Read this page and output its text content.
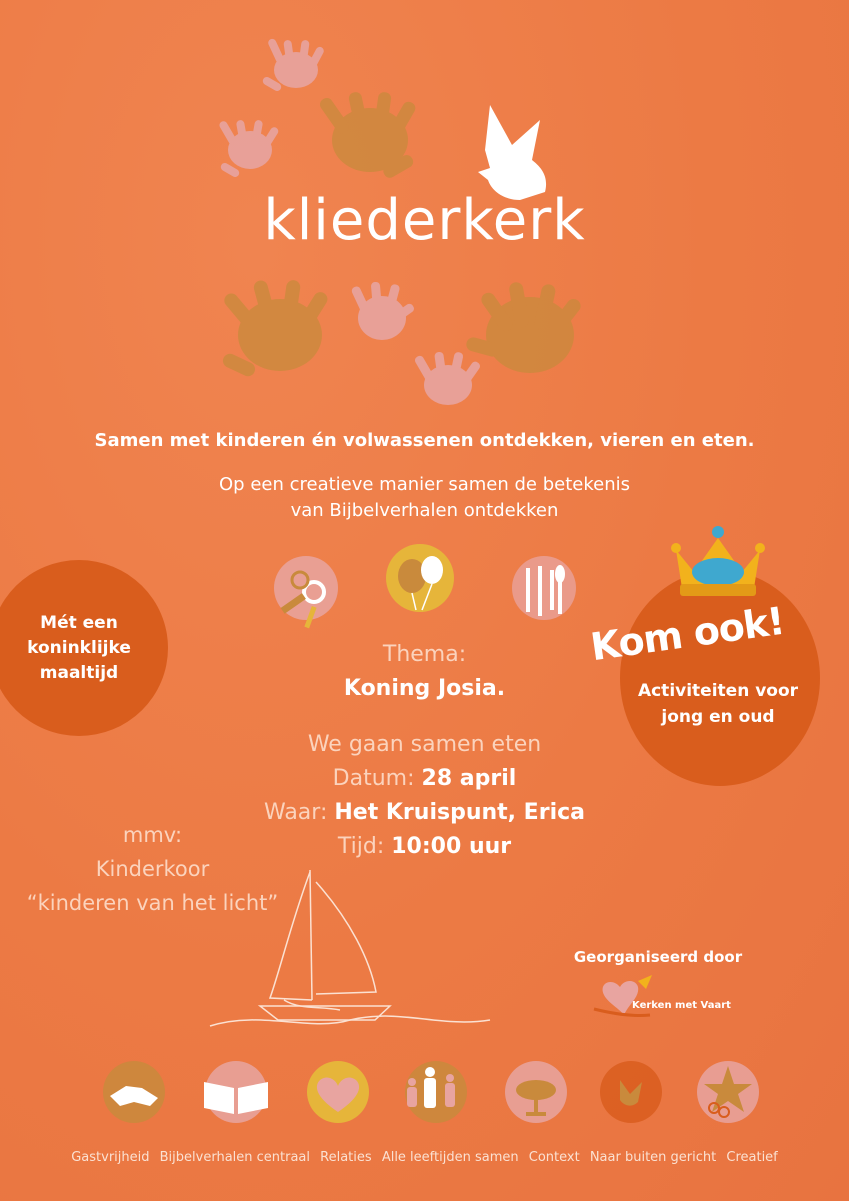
kliederkerk
Samen met kinderen én volwassenen ontdekken, vieren en eten.
Op een creatieve manier samen de betekenis
van Bijbelverhalen ontdekken
Mét een
koninklijke
maaltijd
Kom ook!
Activiteiten voor
jong en oud
Thema:
Koning Josia.
We gaan samen eten
Datum: 28 april
Waar: Het Kruispunt, Erica
Tijd: 10:00 uur
mmv:
Kinderkoor
“kinderen van het licht”
Georganiseerd door
Kerken met Vaart
Gastvrijheid Bijbelverhalen centraal Relaties Alle leeftijden samen Context Naar buiten gericht Creatief
